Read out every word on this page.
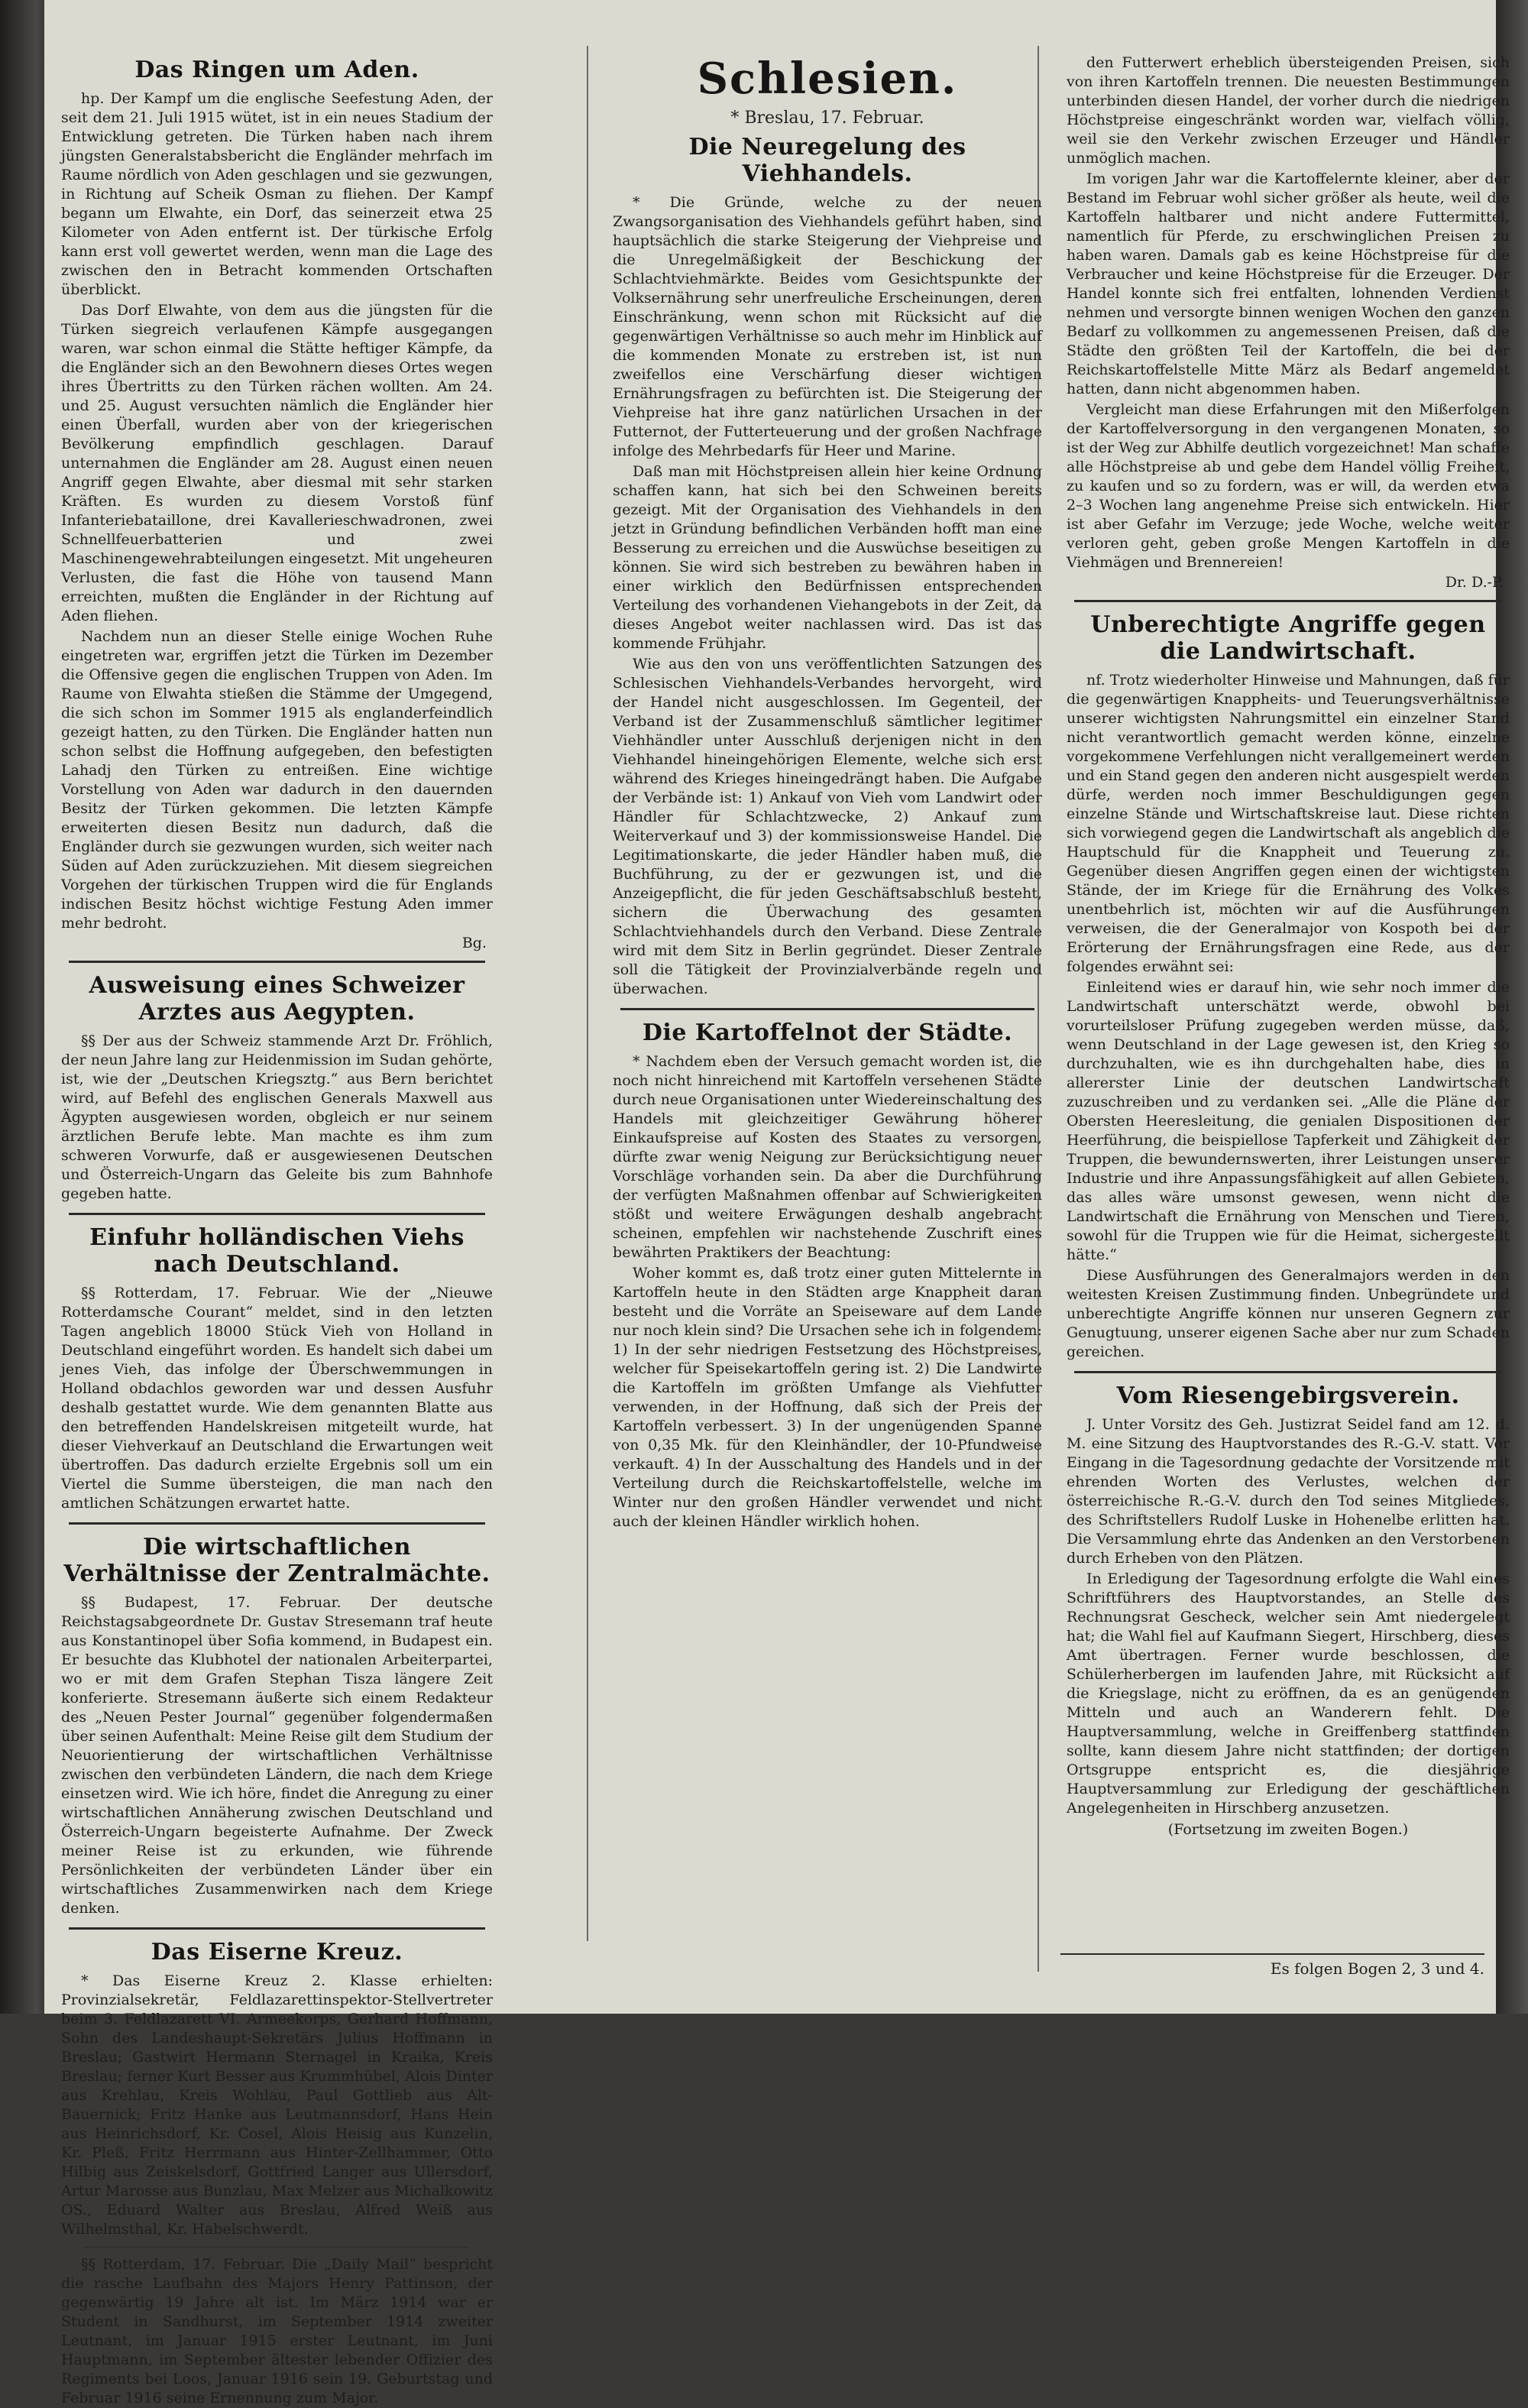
Das Ringen um Aden.

hp. Der Kampf um die englische Seefestung Aden, der seit dem 21. Juli 1915 wütet, ist in ein neues Stadium der Entwicklung getreten. Die Türken haben nach ihrem jüngsten Generalstabsbericht die Engländer mehrfach im Raume nördlich von Aden geschlagen und sie gezwungen, in Richtung auf Scheik Osman zu fliehen. Der Kampf begann um Elwahte, ein Dorf, das seinerzeit etwa 25 Kilometer von Aden entfernt ist. Der türkische Erfolg kann erst voll gewertet werden, wenn man die Lage des zwischen den in Betracht kommenden Ortschaften überblickt.

Das Dorf Elwahte, von dem aus die jüngsten für die Türken siegreich verlaufenen Kämpfe ausgegangen waren, war schon einmal die Stätte heftiger Kämpfe, da die Engländer sich an den Bewohnern dieses Ortes wegen ihres Übertritts zu den Türken rächen wollten. Am 24. und 25. August versuchten nämlich die Engländer hier einen Überfall, wurden aber von der kriegerischen Bevölkerung empfindlich geschlagen. Darauf unternahmen die Engländer am 28. August einen neuen Angriff gegen Elwahte, aber diesmal mit sehr starken Kräften. Es wurden zu diesem Vorstoß fünf Infanteriebataillone, drei Kavallerieschwadronen, zwei Schnellfeuerbatterien und zwei Maschinengewehrabteilungen eingesetzt. Mit ungeheuren Verlusten, die fast die Höhe von tausend Mann erreichten, mußten die Engländer in der Richtung auf Aden fliehen.

Nachdem nun an dieser Stelle einige Wochen Ruhe eingetreten war, ergriffen jetzt die Türken im Dezember die Offensive gegen die englischen Truppen von Aden. Im Raume von Elwahta stießen die Stämme der Umgegend, die sich schon im Sommer 1915 als englanderfeindlich gezeigt hatten, zu den Türken. Die Engländer hatten nun schon selbst die Hoffnung aufgegeben, den befestigten Lahadj den Türken zu entreißen. Eine wichtige Vorstellung von Aden war dadurch in den dauernden Besitz der Türken gekommen. Die letzten Kämpfe erweiterten diesen Besitz nun dadurch, daß die Engländer durch sie gezwungen wurden, sich weiter nach Süden auf Aden zurückzuziehen. Mit diesem siegreichen Vorgehen der türkischen Truppen wird die für Englands indischen Besitz höchst wichtige Festung Aden immer mehr bedroht.

Bg.
Ausweisung eines Schweizer Arztes aus Aegypten.

§§ Der aus der Schweiz stammende Arzt Dr. Fröhlich, der neun Jahre lang zur Heidenmission im Sudan gehörte, ist, wie der „Deutschen Kriegsztg.“ aus Bern berichtet wird, auf Befehl des englischen Generals Maxwell aus Ägypten ausgewiesen worden, obgleich er nur seinem ärztlichen Berufe lebte. Man machte es ihm zum schweren Vorwurfe, daß er ausgewiesenen Deutschen und Österreich-Ungarn das Geleite bis zum Bahnhofe gegeben hatte.

Einfuhr holländischen Viehs nach Deutschland.

§§ Rotterdam, 17. Februar. Wie der „Nieuwe Rotterdamsche Courant“ meldet, sind in den letzten Tagen angeblich 18000 Stück Vieh von Holland in Deutschland eingeführt worden. Es handelt sich dabei um jenes Vieh, das infolge der Überschwemmungen in Holland obdachlos geworden war und dessen Ausfuhr deshalb gestattet wurde. Wie dem genannten Blatte aus den betreffenden Handelskreisen mitgeteilt wurde, hat dieser Viehverkauf an Deutschland die Erwartungen weit übertroffen. Das dadurch erzielte Ergebnis soll um ein Viertel die Summe übersteigen, die man nach den amtlichen Schätzungen erwartet hatte.

Die wirtschaftlichen Verhältnisse der Zentralmächte.

§§ Budapest, 17. Februar. Der deutsche Reichstagsabgeordnete Dr. Gustav Stresemann traf heute aus Konstantinopel über Sofia kommend, in Budapest ein. Er besuchte das Klubhotel der nationalen Arbeiterpartei, wo er mit dem Grafen Stephan Tisza längere Zeit konferierte. Stresemann äußerte sich einem Redakteur des „Neuen Pester Journal“ gegenüber folgendermaßen über seinen Aufenthalt: Meine Reise gilt dem Studium der Neuorientierung der wirtschaftlichen Verhältnisse zwischen den verbündeten Ländern, die nach dem Kriege einsetzen wird. Wie ich höre, findet die Anregung zu einer wirtschaftlichen Annäherung zwischen Deutschland und Österreich-Ungarn begeisterte Aufnahme. Der Zweck meiner Reise ist zu erkunden, wie führende Persönlichkeiten der verbündeten Länder über ein wirtschaftliches Zusammenwirken nach dem Kriege denken.

Das Eiserne Kreuz.

* Das Eiserne Kreuz 2. Klasse erhielten: Provinzialsekretär, Feldlazarettinspektor-Stellvertreter beim 3. Feldlazarett VI. Armeekorps, Gerhard Hoffmann, Sohn des Landeshaupt-Sekretärs Julius Hoffmann in Breslau; Gastwirt Hermann Sternagel in Kraika, Kreis Breslau; ferner Kurt Besser aus Krummhübel, Alois Dinter aus Krehlau, Kreis Wohlau, Paul Gottlieb aus Alt-Bauernick; Fritz Hanke aus Leutmannsdorf, Hans Hein aus Heinrichsdorf, Kr. Cosel, Alois Heisig aus Kunzelin, Kr. Pleß, Fritz Herrmann aus Hinter-Zellhammer, Otto Hilbig aus Zeiskelsdorf, Gottfried Langer aus Ullersdorf, Artur Marosse aus Bunzlau, Max Melzer aus Michalkowitz OS., Eduard Walter aus Breslau, Alfred Weiß aus Wilhelmsthal, Kr. Habelschwerdt.

§§ Rotterdam, 17. Februar. Die „Daily Mail“ bespricht die rasche Laufbahn des Majors Henry Pattinson, der gegenwärtig 19 Jahre alt ist. Im März 1914 war er Student in Sandhurst, im September 1914 zweiter Leutnant, im Januar 1915 erster Leutnant, im Juni Hauptmann, im September ältester lebender Offizier des Regiments bei Loos, Januar 1916 sein 19. Geburtstag und Februar 1916 seine Ernennung zum Major.

Schlesien.
* Breslau, 17. Februar.
Die Neuregelung des Viehhandels.

* Die Gründe, welche zu der neuen Zwangsorganisation des Viehhandels geführt haben, sind hauptsächlich die starke Steigerung der Viehpreise und die Unregelmäßigkeit der Beschickung der Schlachtviehmärkte. Beides vom Gesichtspunkte der Volksernährung sehr unerfreuliche Erscheinungen, deren Einschränkung, wenn schon mit Rücksicht auf die gegenwärtigen Verhältnisse so auch mehr im Hinblick auf die kommenden Monate zu erstreben ist, ist nun zweifellos eine Verschärfung dieser wichtigen Ernährungsfragen zu befürchten ist. Die Steigerung der Viehpreise hat ihre ganz natürlichen Ursachen in der Futternot, der Futterteuerung und der großen Nachfrage infolge des Mehrbedarfs für Heer und Marine.

Daß man mit Höchstpreisen allein hier keine Ordnung schaffen kann, hat sich bei den Schweinen bereits gezeigt. Mit der Organisation des Viehhandels in den jetzt in Gründung befindlichen Verbänden hofft man eine Besserung zu erreichen und die Auswüchse beseitigen zu können. Sie wird sich bestreben zu bewähren haben in einer wirklich den Bedürfnissen entsprechenden Verteilung des vorhandenen Viehangebots in der Zeit, da dieses Angebot weiter nachlassen wird. Das ist das kommende Frühjahr.

Wie aus den von uns veröffentlichten Satzungen des Schlesischen Viehhandels-Verbandes hervorgeht, wird der Handel nicht ausgeschlossen. Im Gegenteil, der Verband ist der Zusammenschluß sämtlicher legitimer Viehhändler unter Ausschluß derjenigen nicht in den Viehhandel hineingehörigen Elemente, welche sich erst während des Krieges hineingedrängt haben. Die Aufgabe der Verbände ist: 1) Ankauf von Vieh vom Landwirt oder Händler für Schlachtzwecke, 2) Ankauf zum Weiterverkauf und 3) der kommissionsweise Handel. Die Legitimationskarte, die jeder Händler haben muß, die Buchführung, zu der er gezwungen ist, und die Anzeigepflicht, die für jeden Geschäftsabschluß besteht, sichern die Überwachung des gesamten Schlachtviehhandels durch den Verband. Diese Zentrale wird mit dem Sitz in Berlin gegründet. Dieser Zentrale soll die Tätigkeit der Provinzialverbände regeln und überwachen.

Die Kartoffelnot der Städte.

* Nachdem eben der Versuch gemacht worden ist, die noch nicht hinreichend mit Kartoffeln versehenen Städte durch neue Organisationen unter Wiedereinschaltung des Handels mit gleichzeitiger Gewährung höherer Einkaufspreise auf Kosten des Staates zu versorgen, dürfte zwar wenig Neigung zur Berücksichtigung neuer Vorschläge vorhanden sein. Da aber die Durchführung der verfügten Maßnahmen offenbar auf Schwierigkeiten stößt und weitere Erwägungen deshalb angebracht scheinen, empfehlen wir nachstehende Zuschrift eines bewährten Praktikers der Beachtung:

Woher kommt es, daß trotz einer guten Mittelernte in Kartoffeln heute in den Städten arge Knappheit daran besteht und die Vorräte an Speiseware auf dem Lande nur noch klein sind? Die Ursachen sehe ich in folgendem: 1) In der sehr niedrigen Festsetzung des Höchstpreises, welcher für Speisekartoffeln gering ist. 2) Die Landwirte die Kartoffeln im größten Umfange als Viehfutter verwenden, in der Hoffnung, daß sich der Preis der Kartoffeln verbessert. 3) In der ungenügenden Spanne von 0,35 Mk. für den Kleinhändler, der 10-Pfundweise verkauft. 4) In der Ausschaltung des Handels und in der Verteilung durch die Reichskartoffelstelle, welche im Winter nur den großen Händler verwendet und nicht auch der kleinen Händler wirklich hohen.

den Futterwert erheblich übersteigenden Preisen, sich von ihren Kartoffeln trennen. Die neuesten Bestimmungen unterbinden diesen Handel, der vorher durch die niedrigen Höchstpreise eingeschränkt worden war, vielfach völlig, weil sie den Verkehr zwischen Erzeuger und Händler unmöglich machen.

Im vorigen Jahr war die Kartoffelernte kleiner, aber der Bestand im Februar wohl sicher größer als heute, weil die Kartoffeln haltbarer und nicht andere Futtermittel, namentlich für Pferde, zu erschwinglichen Preisen zu haben waren. Damals gab es keine Höchstpreise für die Verbraucher und keine Höchstpreise für die Erzeuger. Der Handel konnte sich frei entfalten, lohnenden Verdienst nehmen und versorgte binnen wenigen Wochen den ganzen Bedarf zu vollkommen zu angemessenen Preisen, daß die Städte den größten Teil der Kartoffeln, die bei der Reichskartoffelstelle Mitte März als Bedarf angemeldet hatten, dann nicht abgenommen haben.

Vergleicht man diese Erfahrungen mit den Mißerfolgen der Kartoffelversorgung in den vergangenen Monaten, so ist der Weg zur Abhilfe deutlich vorgezeichnet! Man schaffe alle Höchstpreise ab und gebe dem Handel völlig Freiheit, zu kaufen und so zu fordern, was er will, da werden etwa 2–3 Wochen lang angenehme Preise sich entwickeln. Hier ist aber Gefahr im Verzuge; jede Woche, welche weiter verloren geht, geben große Mengen Kartoffeln in die Viehmägen und Brennereien!

Dr. D.-P.
Unberechtigte Angriffe gegen die Landwirtschaft.

nf. Trotz wiederholter Hinweise und Mahnungen, daß für die gegenwärtigen Knappheits- und Teuerungsverhältnisse unserer wichtigsten Nahrungsmittel ein einzelner Stand nicht verantwortlich gemacht werden könne, einzelne vorgekommene Verfehlungen nicht verallgemeinert werden und ein Stand gegen den anderen nicht ausgespielt werden dürfe, werden noch immer Beschuldigungen gegen einzelne Stände und Wirtschaftskreise laut. Diese richten sich vorwiegend gegen die Landwirtschaft als angeblich die Hauptschuld für die Knappheit und Teuerung zu. Gegenüber diesen Angriffen gegen einen der wichtigsten Stände, der im Kriege für die Ernährung des Volkes unentbehrlich ist, möchten wir auf die Ausführungen verweisen, die der Generalmajor von Kospoth bei der Erörterung der Ernährungsfragen eine Rede, aus der folgendes erwähnt sei:

Einleitend wies er darauf hin, wie sehr noch immer die Landwirtschaft unterschätzt werde, obwohl bei vorurteilsloser Prüfung zugegeben werden müsse, daß, wenn Deutschland in der Lage gewesen ist, den Krieg so durchzuhalten, wie es ihn durchgehalten habe, dies in allererster Linie der deutschen Landwirtschaft zuzuschreiben und zu verdanken sei. „Alle die Pläne der Obersten Heeresleitung, die genialen Dispositionen der Heerführung, die beispiellose Tapferkeit und Zähigkeit der Truppen, die bewundernswerten, ihrer Leistungen unserer Industrie und ihre Anpassungsfähigkeit auf allen Gebieten, das alles wäre umsonst gewesen, wenn nicht die Landwirtschaft die Ernährung von Menschen und Tieren, sowohl für die Truppen wie für die Heimat, sichergestellt hätte.“

Diese Ausführungen des Generalmajors werden in den weitesten Kreisen Zustimmung finden. Unbegründete und unberechtigte Angriffe können nur unseren Gegnern zur Genugtuung, unserer eigenen Sache aber nur zum Schaden gereichen.

Vom Riesengebirgsverein.

J. Unter Vorsitz des Geh. Justizrat Seidel fand am 12. d. M. eine Sitzung des Hauptvorstandes des R.-G.-V. statt. Vor Eingang in die Tagesordnung gedachte der Vorsitzende mit ehrenden Worten des Verlustes, welchen der österreichische R.-G.-V. durch den Tod seines Mitgliedes, des Schriftstellers Rudolf Luske in Hohenelbe erlitten hat. Die Versammlung ehrte das Andenken an den Verstorbenen durch Erheben von den Plätzen.

In Erledigung der Tagesordnung erfolgte die Wahl eines Schriftführers des Hauptvorstandes, an Stelle des Rechnungsrat Gescheck, welcher sein Amt niedergelegt hat; die Wahl fiel auf Kaufmann Siegert, Hirschberg, dieses Amt übertragen. Ferner wurde beschlossen, die Schülerherbergen im laufenden Jahre, mit Rücksicht auf die Kriegslage, nicht zu eröffnen, da es an genügenden Mitteln und auch an Wanderern fehlt. Die Hauptversammlung, welche in Greiffenberg stattfinden sollte, kann diesem Jahre nicht stattfinden; der dortigen Ortsgruppe entspricht es, die diesjährige Hauptversammlung zur Erledigung der geschäftlichen Angelegenheiten in Hirschberg anzusetzen.

(Fortsetzung im zweiten Bogen.)
Es folgen Bogen 2, 3 und 4.
